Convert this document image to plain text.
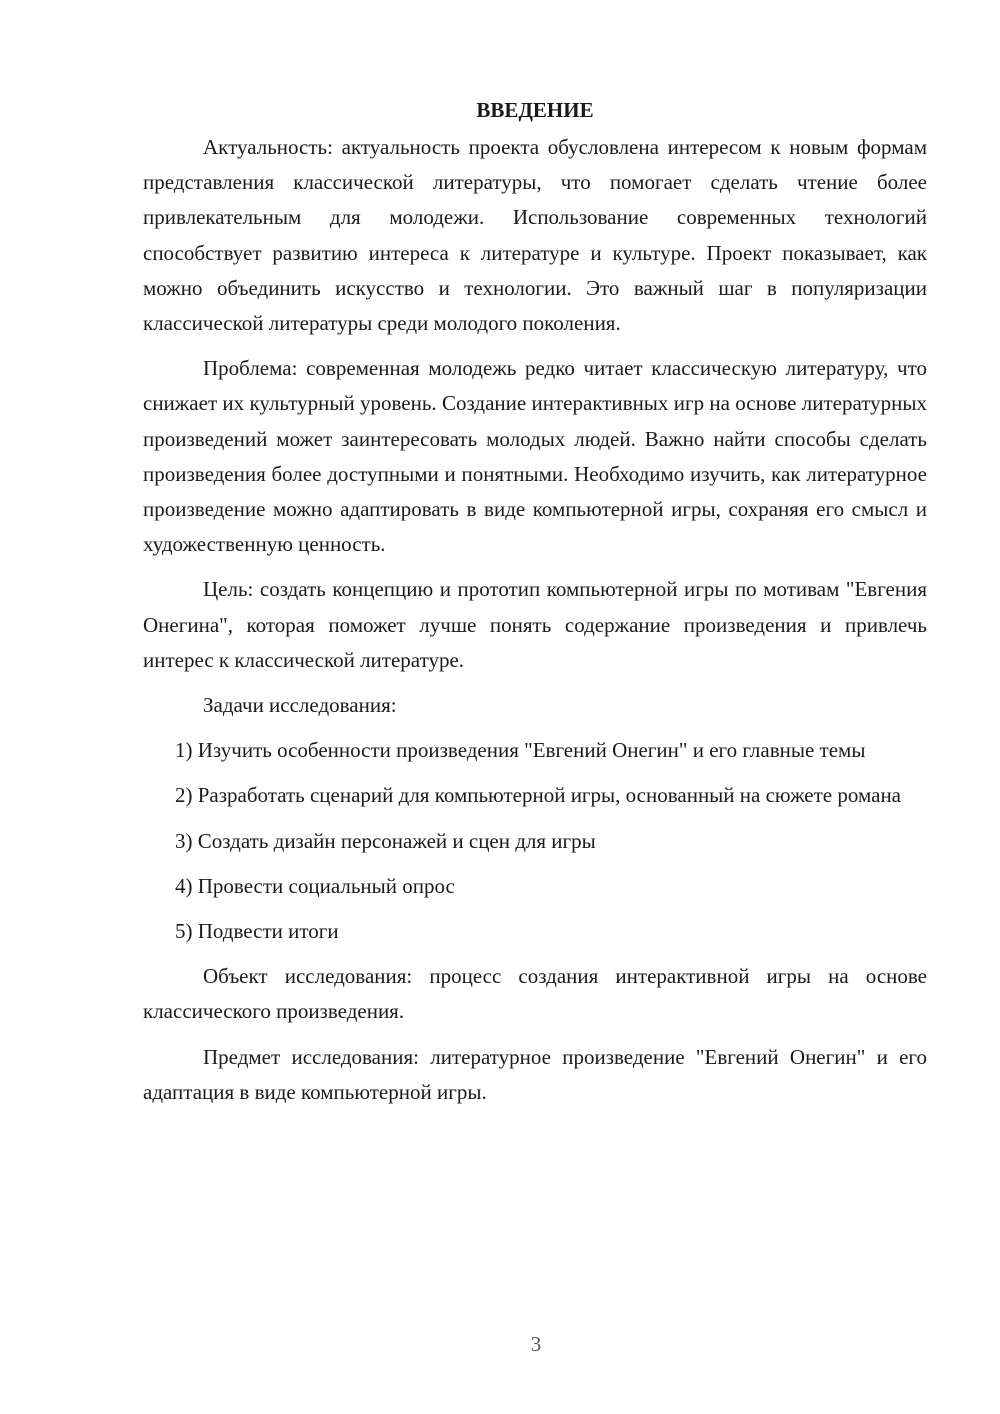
ВВЕДЕНИЕ

Актуальность: актуальность проекта обусловлена интересом к новым формам представления классической литературы, что помогает сделать чтение более привлекательным для молодежи. Использование современных технологий способствует развитию интереса к литературе и культуре. Проект показывает, как можно объединить искусство и технологии. Это важный шаг в популяризации классической литературы среди молодого поколения.

Проблема: современная молодежь редко читает классическую литературу, что снижает их культурный уровень. Создание интерактивных игр на основе литературных произведений может заинтересовать молодых людей. Важно найти способы сделать произведения более доступными и понятными. Необходимо изучить, как литературное произведение можно адаптировать в виде компьютерной игры, сохраняя его смысл и художественную ценность.

Цель: создать концепцию и прототип компьютерной игры по мотивам "Евгения Онегина", которая поможет лучше понять содержание произведения и привлечь интерес к классической литературе.

Задачи исследования:

1) Изучить особенности произведения "Евгений Онегин" и его главные темы

2) Разработать сценарий для компьютерной игры, основанный на сюжете романа

3) Создать дизайн персонажей и сцен для игры

4) Провести социальный опрос

5) Подвести итоги

Объект исследования: процесс создания интерактивной игры на основе классического произведения.

Предмет исследования: литературное произведение "Евгений Онегин" и его адаптация в виде компьютерной игры.

3
